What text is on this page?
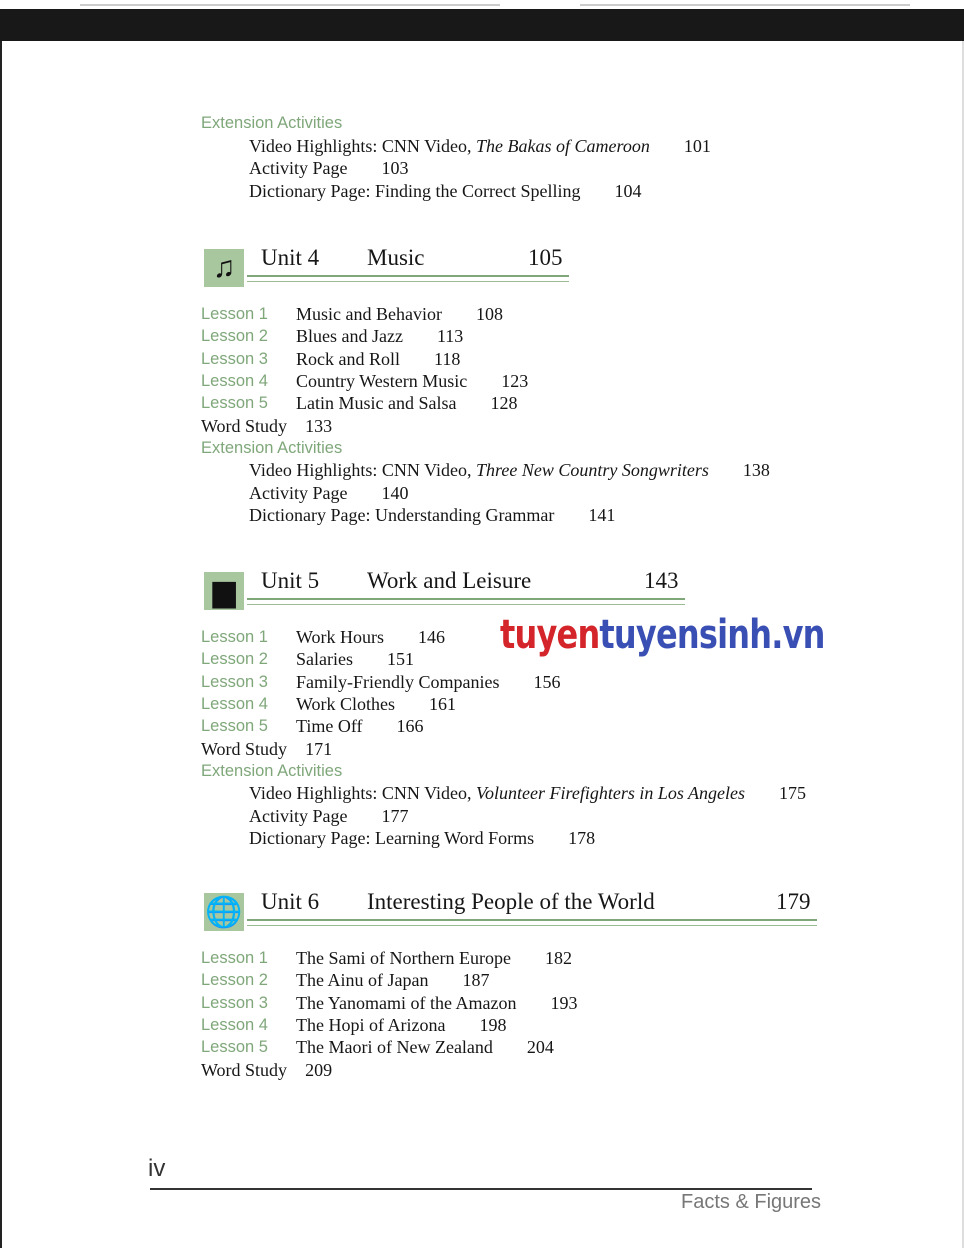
Extension Activities
Video Highlights: CNN Video, The Bakas of Cameroon 101
Activity Page 103
Dictionary Page: Finding the Correct Spelling 104
♫	Unit 4 Music	105
Lesson 1 Music and Behavior 108
Lesson 2 Blues and Jazz 113
Lesson 3 Rock and Roll 118
Lesson 4 Country Western Music 123
Lesson 5 Latin Music and Salsa 128
Word Study 133
Extension Activities
Video Highlights: CNN Video, Three New Country Songwriters 138
Activity Page 140
Dictionary Page: Understanding Grammar 141
▆	Unit 5 Work and Leisure	143
Lesson 1 Work Hours 146
Lesson 2 Salaries 151
Lesson 3 Family-Friendly Companies 156
Lesson 4 Work Clothes 161
Lesson 5 Time Off 166
Word Study 171
Extension Activities
Video Highlights: CNN Video, Volunteer Firefighters in Los Angeles 175
Activity Page 177
Dictionary Page: Learning Word Forms 178
🌐 Unit 6 Interesting People of the World	179
Lesson 1 The Sami of Northern Europe 182
Lesson 2 The Ainu of Japan 187
Lesson 3 The Yanomami of the Amazon 193
Lesson 4 The Hopi of Arizona 198
Lesson 5 The Maori of New Zealand 204
Word Study 209
tuyentuyensinh.vn
iv
Facts & Figures
